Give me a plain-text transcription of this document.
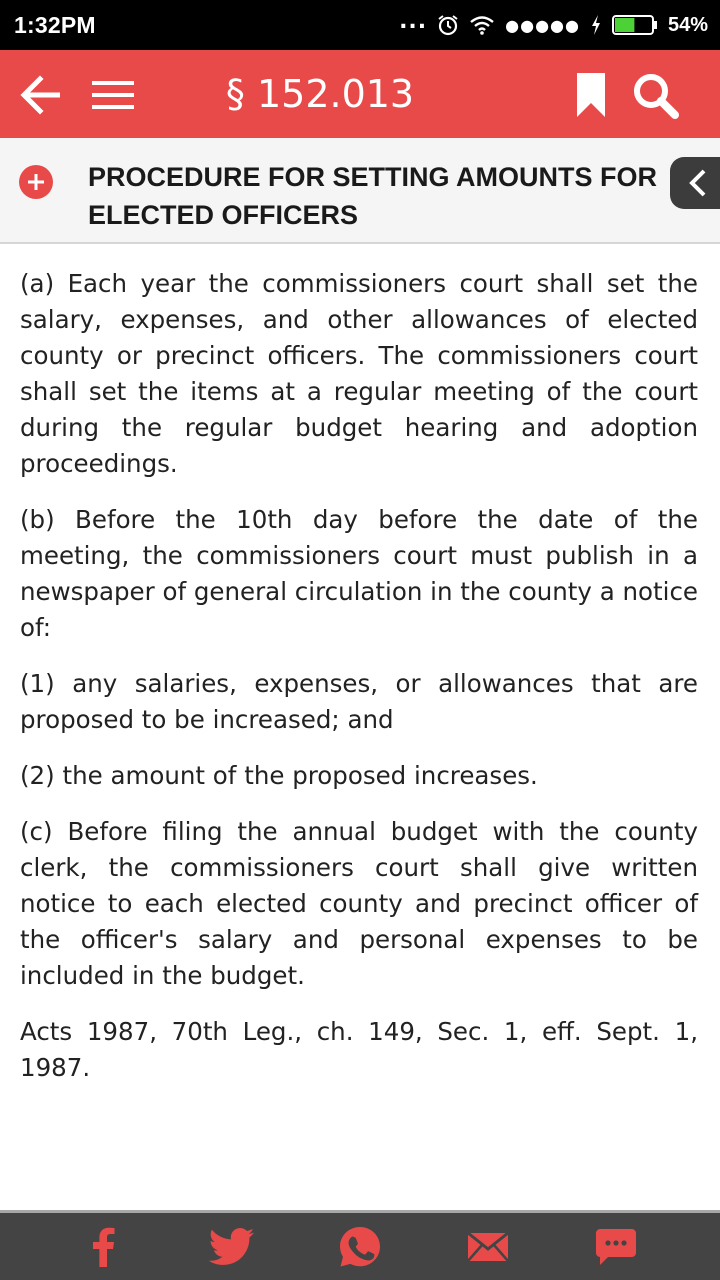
1:32PM	...	●●●●●	54%
§ 152.013
PROCEDURE FOR SETTING AMOUNTS FOR
ELECTED OFFICERS

(a) Each year the commissioners court shall set the salary, expenses, and other allowances of elected county or precinct officers. The commissioners court shall set the items at a regular meeting of the court during the regular budget hearing and adoption proceedings.

(b) Before the 10th day before the date of the meeting, the commissioners court must publish in a newspaper of general circulation in the county a notice of:

(1) any salaries, expenses, or allowances that are proposed to be increased; and

(2) the amount of the proposed increases.

(c) Before filing the annual budget with the county clerk, the commissioners court shall give written notice to each elected county and precinct officer of the officer's salary and personal expenses to be included in the budget.

Acts 1987, 70th Leg., ch. 149, Sec. 1, eff. Sept. 1, 1987.
